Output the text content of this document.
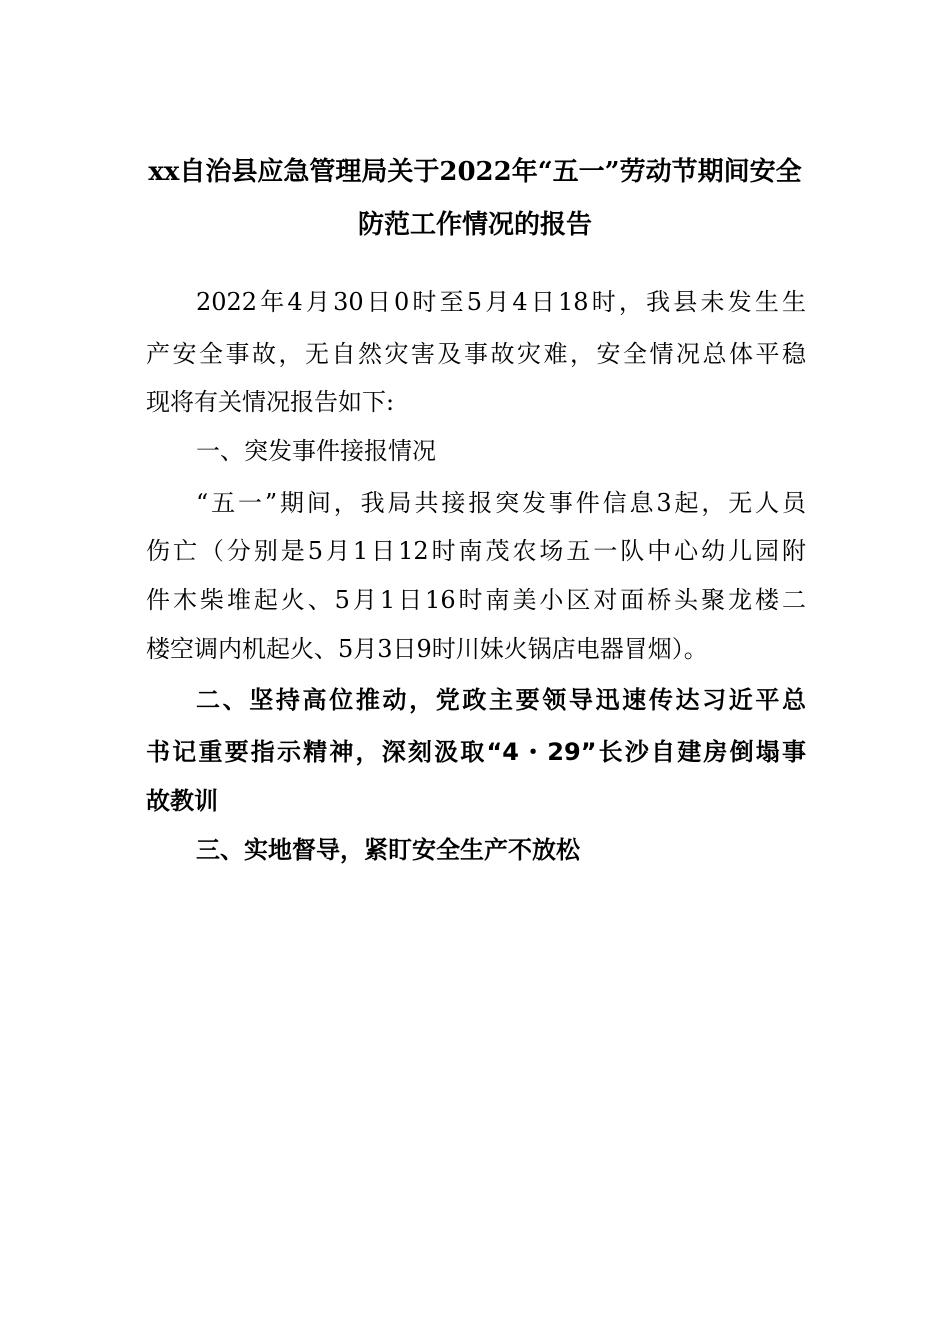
xx自治县应急管理局关于2022年“五一”劳动节期间安全
防范工作情况的报告

2022年4月30日0时至5月4日18时，我县未发生生

产安全事故，无自然灾害及事故灾难，安全情况总体平稳

现将有关情况报告如下:

一、突发事件接报情况

“五一”期间，我局共接报突发事件信息3起，无人员

伤亡（分别是5月1日12时南茂农场五一队中心幼儿园附

件木柴堆起火、5月1日16时南美小区对面桥头聚龙楼二

楼空调内机起火、5月3日9时川妹火锅店电器冒烟）。

二、坚持高位推动，党政主要领导迅速传达习近平总

书记重要指示精神，深刻汲取“4・29”长沙自建房倒塌事

故教训

三、实地督导，紧盯安全生产不放松
